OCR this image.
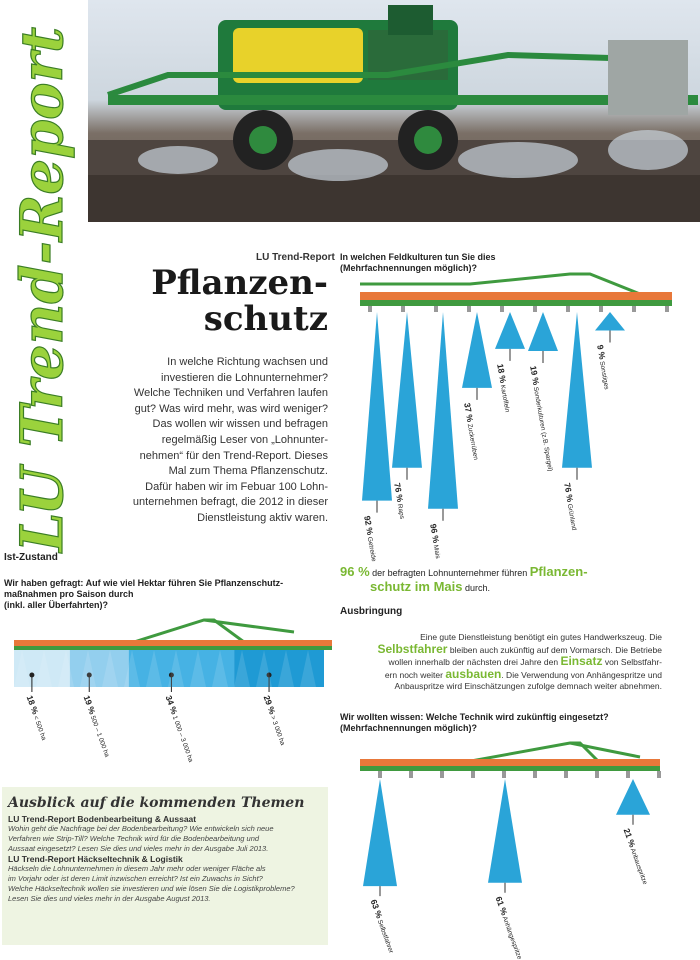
LU Trend-Report	LU Trend-Report
Pflanzen-
schutz
In welche Richtung wachsen und
investieren die Lohnunternehmer?
Welche Techniken und Verfahren laufen
gut? Was wird mehr, was wird weniger?
Das wollen wir wissen und befragen
regelmäßig Leser von „Lohnunter-
nehmen“ für den Trend-Report. Dieses
Mal zum Thema Pflanzenschutz.
Dafür haben wir im Febuar 100 Lohn-
unternehmen befragt, die 2012 in dieser
Dienstleistung aktiv waren.
Ist-Zustand
In welchen Feldkulturen tun Sie dies
(Mehrfachnennungen möglich)?
96 % der befragten Lohnunternehmer führen Pflanzen-
schutz im Mais durch.
Wir haben gefragt: Auf wie viel Hektar führen Sie Pflanzenschutz-
maßnahmen pro Saison durch
(inkl. aller Überfahrten)?
Ausbringung
Eine gute Dienstleistung benötigt ein gutes Handwerkszeug. Die
Selbstfahrer bleiben auch zukünftig auf dem Vormarsch. Die Betriebe
wollen innerhalb der nächsten drei Jahre den Einsatz von Selbstfahr-
ern noch weiter ausbauen. Die Verwendung von Anhängespritze und
Anbauspritze wird Einschätzungen zufolge demnach weiter abnehmen.
Wir wollten wissen: Welche Technik wird zukünftig eingesetzt?
(Mehrfachnennungen möglich)?
Ausblick auf die kommenden Themen
LU Trend-Report Bodenbearbeitung & Aussaat
Wohin geht die Nachfrage bei der Bodenbearbeitung? Wie entwickeln sich neue
Verfahren wie Strip-Till? Welche Technik wird für die Bodenbearbeitung und
Aussaat eingesetzt? Lesen Sie dies und vieles mehr in der Ausgabe Juli 2013.
LU Trend-Report Häckseltechnik & Logistik
Häckseln die Lohnunternehmen in diesem Jahr mehr oder weniger Fläche als
im Vorjahr oder ist deren Limit inzwischen erreicht? Ist ein Zuwachs in Sicht?
Welche Häckseltechnik wollen sie investieren und wie lösen Sie die Logistikprobleme?
Lesen Sie dies und vieles mehr in der Ausgabe August 2013.
92 % Getreide
76 % Raps
96 % Mais
37 % Zuckerrüben
18 % Kartoffeln
19 % Sonderkulturen (z.B. Spargel)
76 % Grünland
9 % Sonstiges
18 % < 500 ha
19 % 500 – 1 000 ha
34 % 1 000 – 3 000 ha
29 % > 3 000 ha
63 % Selbstfahrer
61 % Anhängespritze
21 % Anbauspritze
